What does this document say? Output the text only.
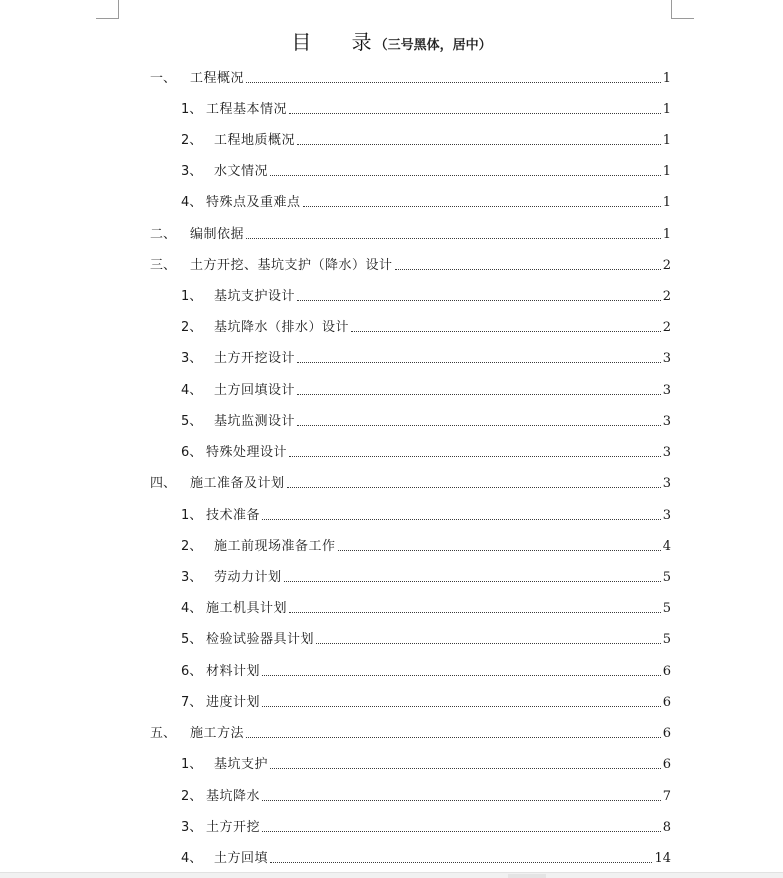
目 录（三号黑体，居中）
一、	工程概况	1
1、 工程基本情况	1
2、 工程地质概况	1
3、 水文情况	1
4、 特殊点及重难点	1
二、	编制依据	1
三、	土方开挖、基坑支护（降水）设计	2
1、 基坑支护设计	2
2、 基坑降水（排水）设计	2
3、 土方开挖设计	3
4、 土方回填设计	3
5、 基坑监测设计	3
6、 特殊处理设计	3
四、	施工准备及计划	3
1、 技术准备	3
2、 施工前现场准备工作	4
3、 劳动力计划	5
4、 施工机具计划	5
5、 检验试验器具计划	5
6、 材料计划	6
7、 进度计划	6
五、	施工方法	6
1、 基坑支护	6
2、 基坑降水	7
3、 土方开挖	8
4、 土方回填	14
